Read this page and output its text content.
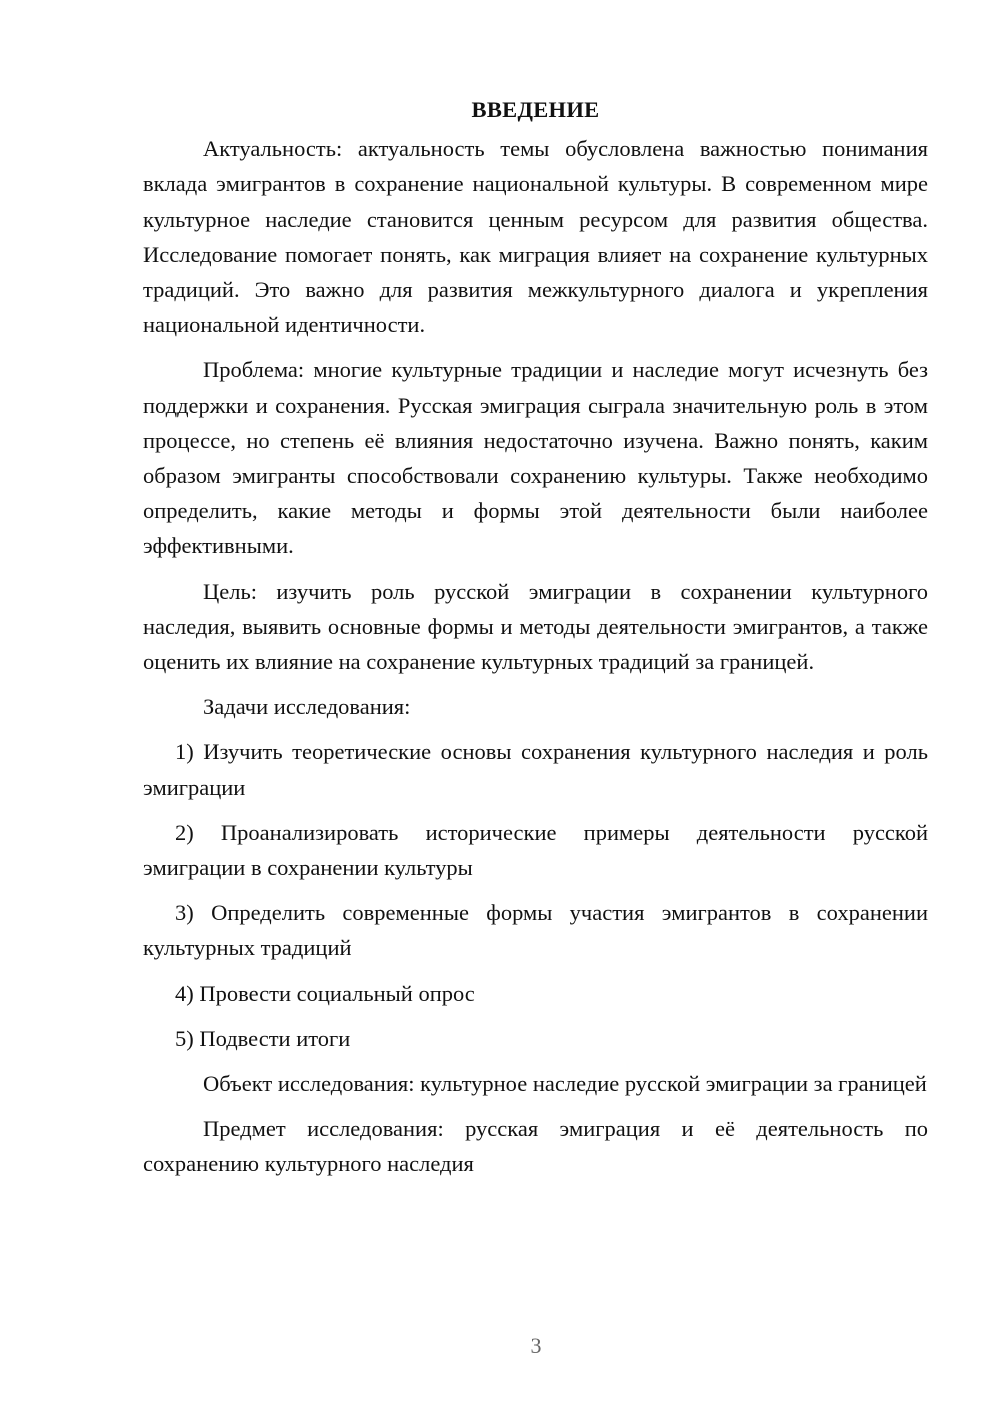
ВВЕДЕНИЕ

Актуальность: актуальность темы обусловлена важностью понимания вклада эмигрантов в сохранение национальной культуры. В современном мире культурное наследие становится ценным ресурсом для развития общества. Исследование помогает понять, как миграция влияет на сохранение культурных традиций. Это важно для развития межкультурного диалога и укрепления национальной идентичности.

Проблема: многие культурные традиции и наследие могут исчезнуть без поддержки и сохранения. Русская эмиграция сыграла значительную роль в этом процессе, но степень её влияния недостаточно изучена. Важно понять, каким образом эмигранты способствовали сохранению культуры. Также необходимо определить, какие методы и формы этой деятельности были наиболее эффективными.

Цель: изучить роль русской эмиграции в сохранении культурного наследия, выявить основные формы и методы деятельности эмигрантов, а также оценить их влияние на сохранение культурных традиций за границей.

Задачи исследования:

1) Изучить теоретические основы сохранения культурного наследия и роль эмиграции

2) Проанализировать исторические примеры деятельности русской эмиграции в сохранении культуры

3) Определить современные формы участия эмигрантов в сохранении культурных традиций

4) Провести социальный опрос

5) Подвести итоги

Объект исследования: культурное наследие русской эмиграции за границей

Предмет исследования: русская эмиграция и её деятельность по сохранению культурного наследия

3
